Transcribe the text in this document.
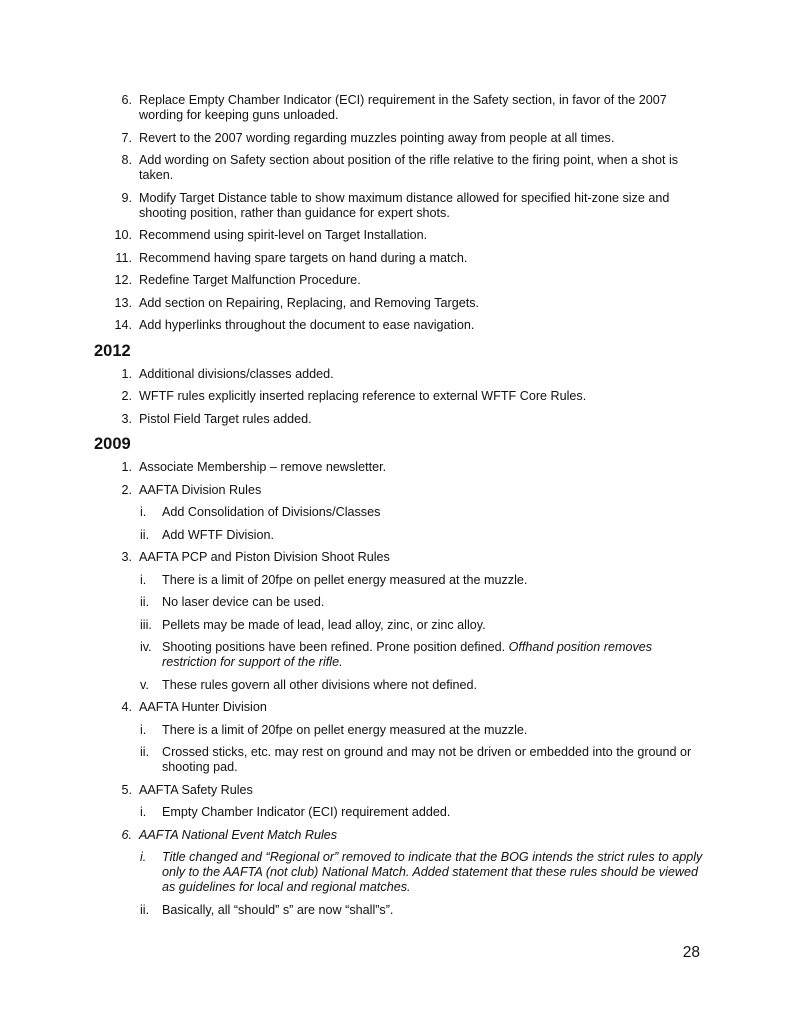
6. Replace Empty Chamber Indicator (ECI) requirement in the Safety section, in favor of the 2007 wording for keeping guns unloaded.
7. Revert to the 2007 wording regarding muzzles pointing away from people at all times.
8. Add wording on Safety section about position of the rifle relative to the firing point, when a shot is taken.
9. Modify Target Distance table to show maximum distance allowed for specified hit-zone size and shooting position, rather than guidance for expert shots.
10. Recommend using spirit-level on Target Installation.
11. Recommend having spare targets on hand during a match.
12. Redefine Target Malfunction Procedure.
13. Add section on Repairing, Replacing, and Removing Targets.
14. Add hyperlinks throughout the document to ease navigation.
2012
1. Additional divisions/classes added.
2. WFTF rules explicitly inserted replacing reference to external WFTF Core Rules.
3. Pistol Field Target rules added.
2009
1. Associate Membership – remove newsletter.
2. AAFTA Division Rules
i.	Add Consolidation of Divisions/Classes
ii.	Add WFTF Division.
3. AAFTA PCP and Piston Division Shoot Rules
i.	There is a limit of 20fpe on pellet energy measured at the muzzle.
ii.	No laser device can be used.
iii. Pellets may be made of lead, lead alloy, zinc, or zinc alloy.
iv. Shooting positions have been refined. Prone position defined. Offhand position removes restriction for support of the rifle.
v.	These rules govern all other divisions where not defined.
4. AAFTA Hunter Division
i.	There is a limit of 20fpe on pellet energy measured at the muzzle.
ii.	Crossed sticks, etc. may rest on ground and may not be driven or embedded into the ground or shooting pad.
5. AAFTA Safety Rules
i.	Empty Chamber Indicator (ECI) requirement added.
6. AAFTA National Event Match Rules
i.	Title changed and “Regional or” removed to indicate that the BOG intends the strict rules to apply only to the AAFTA (not club) National Match. Added statement that these rules should be viewed as guidelines for local and regional matches.
ii.	Basically, all “should” s” are now “shall”s”.
28
